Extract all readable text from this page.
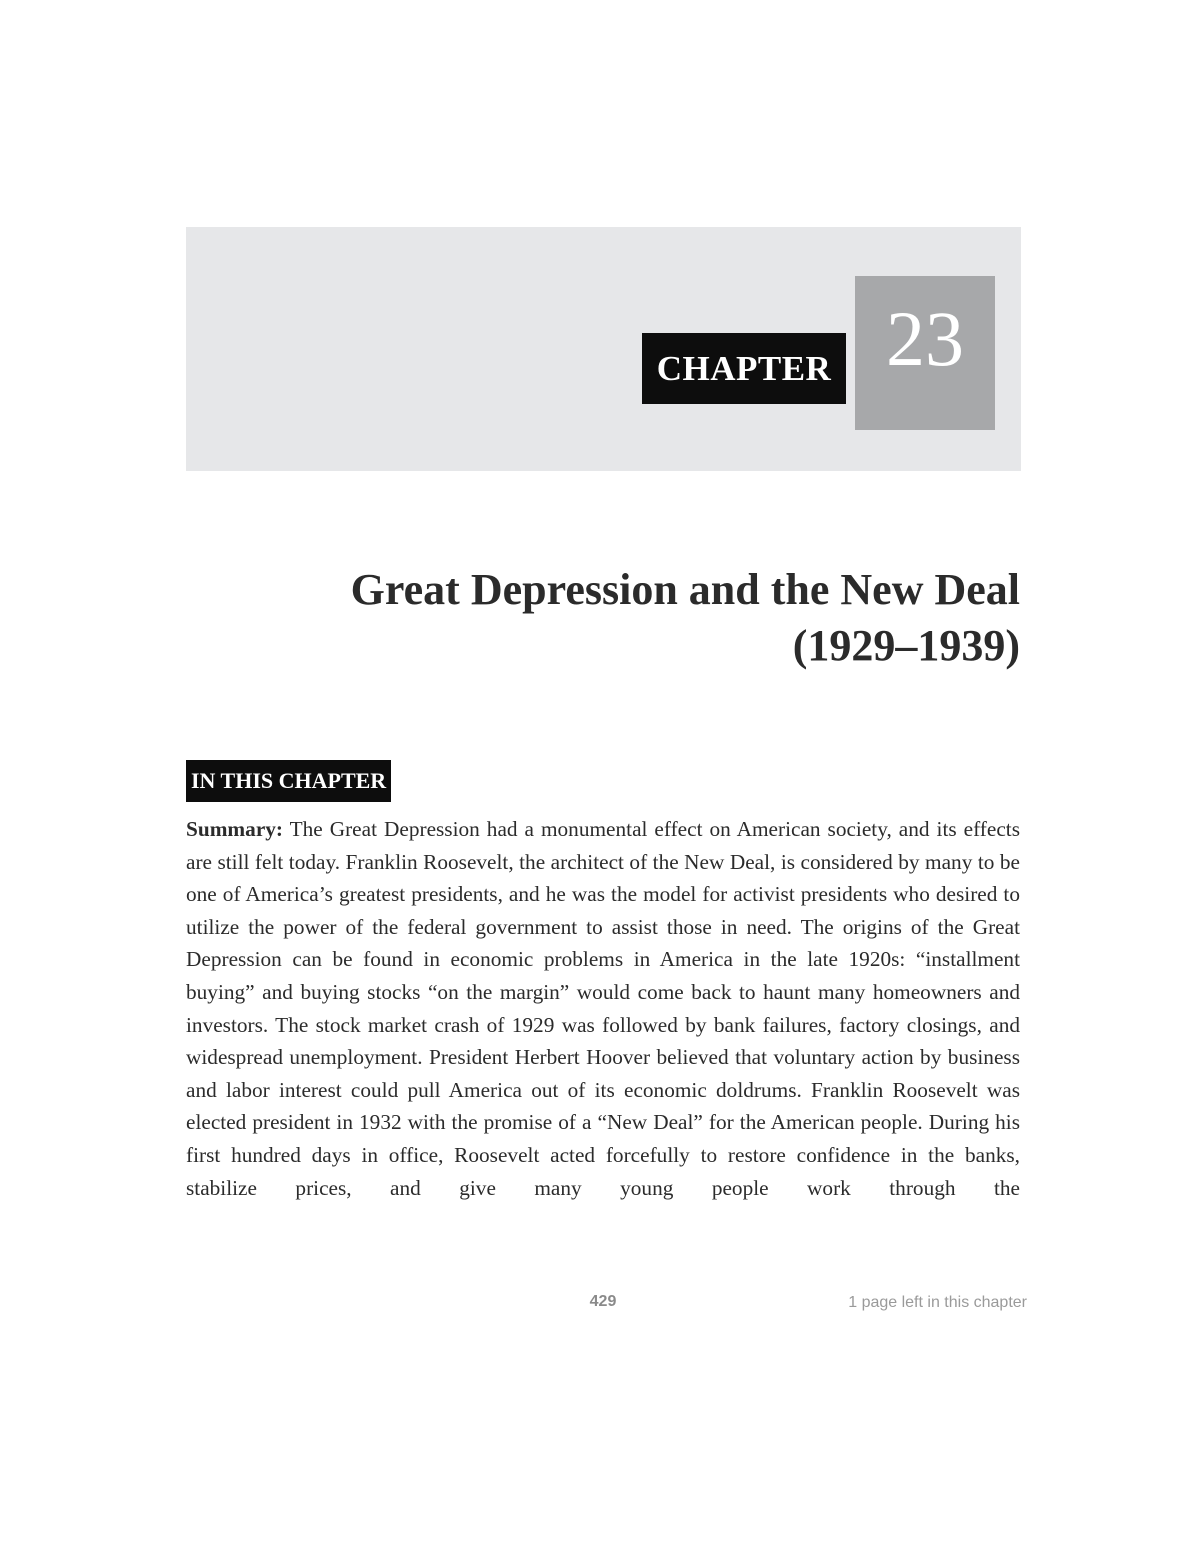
CHAPTER 23
Great Depression and the New Deal
(1929–1939)
IN THIS CHAPTER

Summary: The Great Depression had a monumental effect on American society, and its effects are still felt today. Franklin Roosevelt, the architect of the New Deal, is considered by many to be one of America’s greatest presidents, and he was the model for activist presidents who desired to utilize the power of the federal government to assist those in need. The origins of the Great Depression can be found in economic problems in America in the late 1920s: “installment buying” and buying stocks “on the margin” would come back to haunt many homeowners and investors. The stock market crash of 1929 was followed by bank failures, factory closings, and widespread unemployment. President Herbert Hoover believed that voluntary action by business and labor interest could pull America out of its economic doldrums. Franklin Roosevelt was elected president in 1932 with the promise of a “New Deal” for the American people. During his first hundred days in office, Roosevelt acted forcefully to restore confidence in the banks, stabilize prices, and give many young people work through the

429	1 page left in this chapter
